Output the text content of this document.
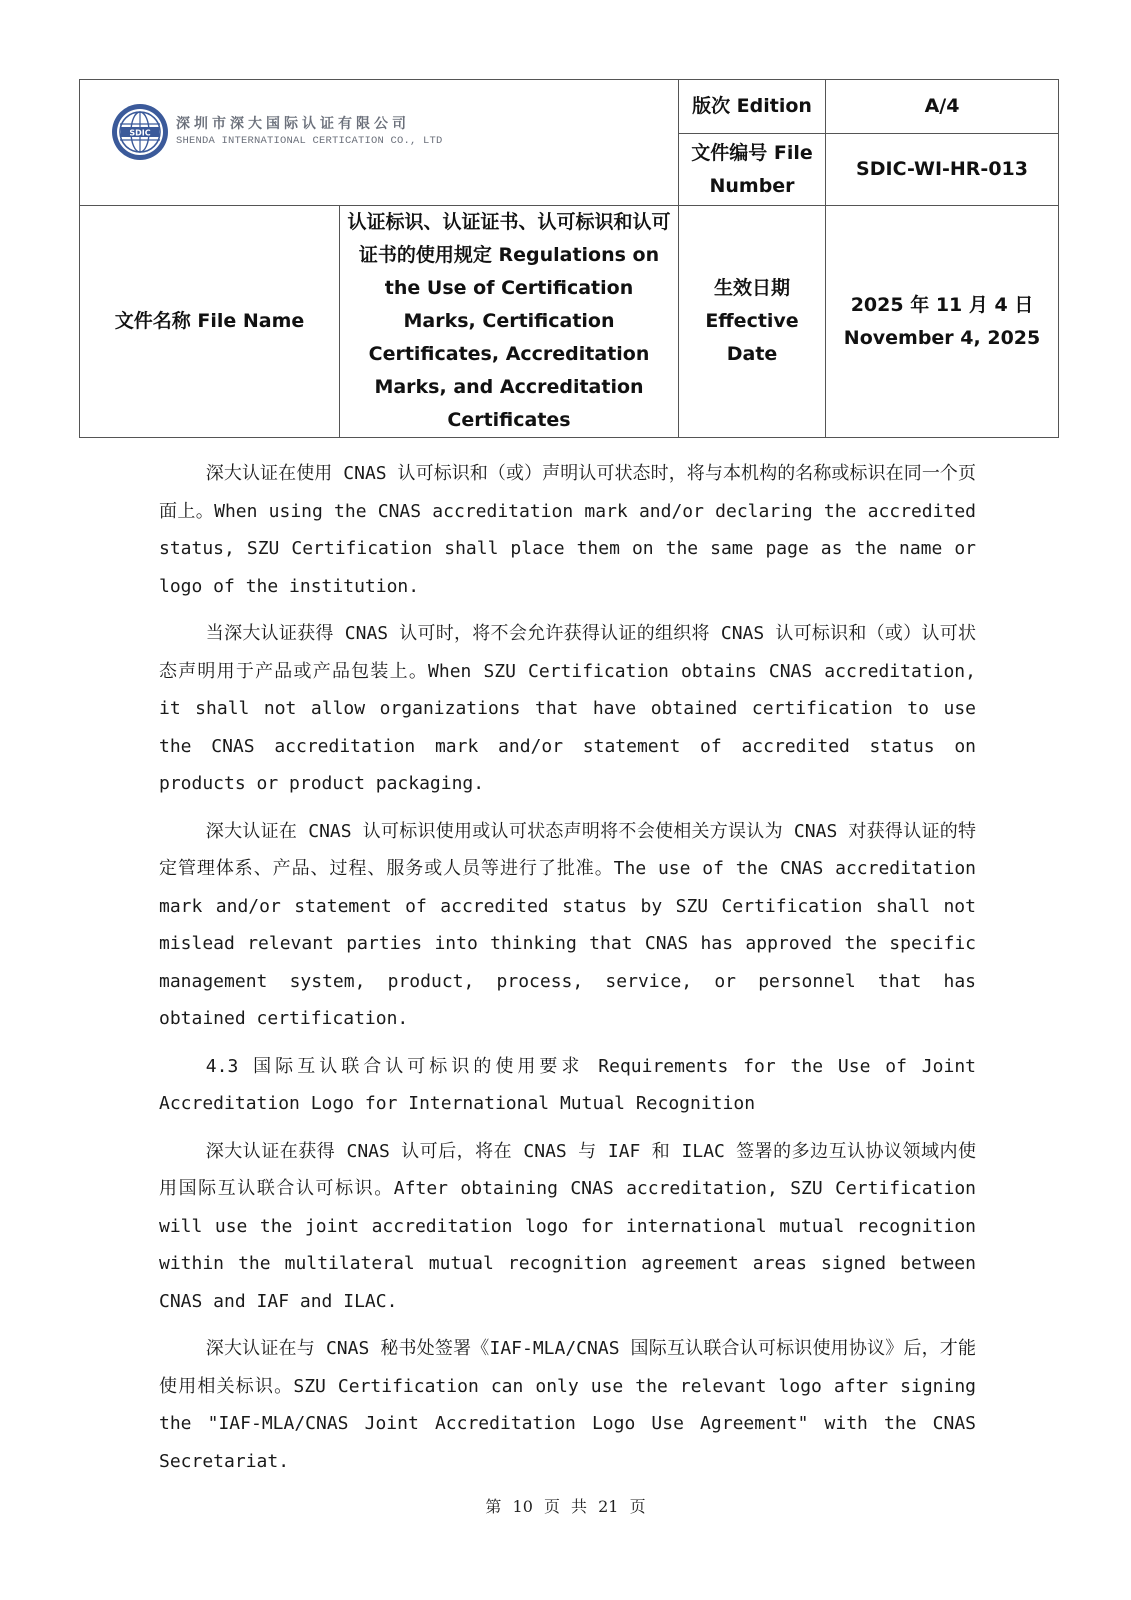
SDIC
深圳市深大国际认证有限公司
SHENDA INTERNATIONAL CERTICATION CO., LTD		版次 Edition	A/4
		文件编号 File Number	SDIC-WI-HR-013
文件名称 File Name	认证标识、认证证书、认可标识和认可证书的使用规定 Regulations on the Use of Certification Marks, Certification Certificates, Accreditation Marks, and Accreditation Certificates	生效日期 Effective Date	2025 年 11 月 4 日
November 4, 2025

深大认证在使用 CNAS 认可标识和（或）声明认可状态时，将与本机构的名称或标识在同一个页面上。When using the CNAS accreditation mark and/or declaring the accredited status, SZU Certification shall place them on the same page as the name or logo of the institution.

当深大认证获得 CNAS 认可时，将不会允许获得认证的组织将 CNAS 认可标识和（或）认可状态声明用于产品或产品包装上。When SZU Certification obtains CNAS accreditation, it shall not allow organizations that have obtained certification to use the CNAS accreditation mark and/or statement of accredited status on products or product packaging.

深大认证在 CNAS 认可标识使用或认可状态声明将不会使相关方误认为 CNAS 对获得认证的特定管理体系、产品、过程、服务或人员等进行了批准。The use of the CNAS accreditation mark and/or statement of accredited status by SZU Certification shall not mislead relevant parties into thinking that CNAS has approved the specific management system, product, process, service, or personnel that has obtained certification.

4.3 国际互认联合认可标识的使用要求 Requirements for the Use of Joint Accreditation Logo for International Mutual Recognition

深大认证在获得 CNAS 认可后，将在 CNAS 与 IAF 和 ILAC 签署的多边互认协议领域内使用国际互认联合认可标识。After obtaining CNAS accreditation, SZU Certification will use the joint accreditation logo for international mutual recognition within the multilateral mutual recognition agreement areas signed between CNAS and IAF and ILAC.

深大认证在与 CNAS 秘书处签署《IAF-MLA/CNAS 国际互认联合认可标识使用协议》后，才能使用相关标识。SZU Certification can only use the relevant logo after signing the "IAF-MLA/CNAS Joint Accreditation Logo Use Agreement" with the CNAS Secretariat.

第 10 页 共 21 页
